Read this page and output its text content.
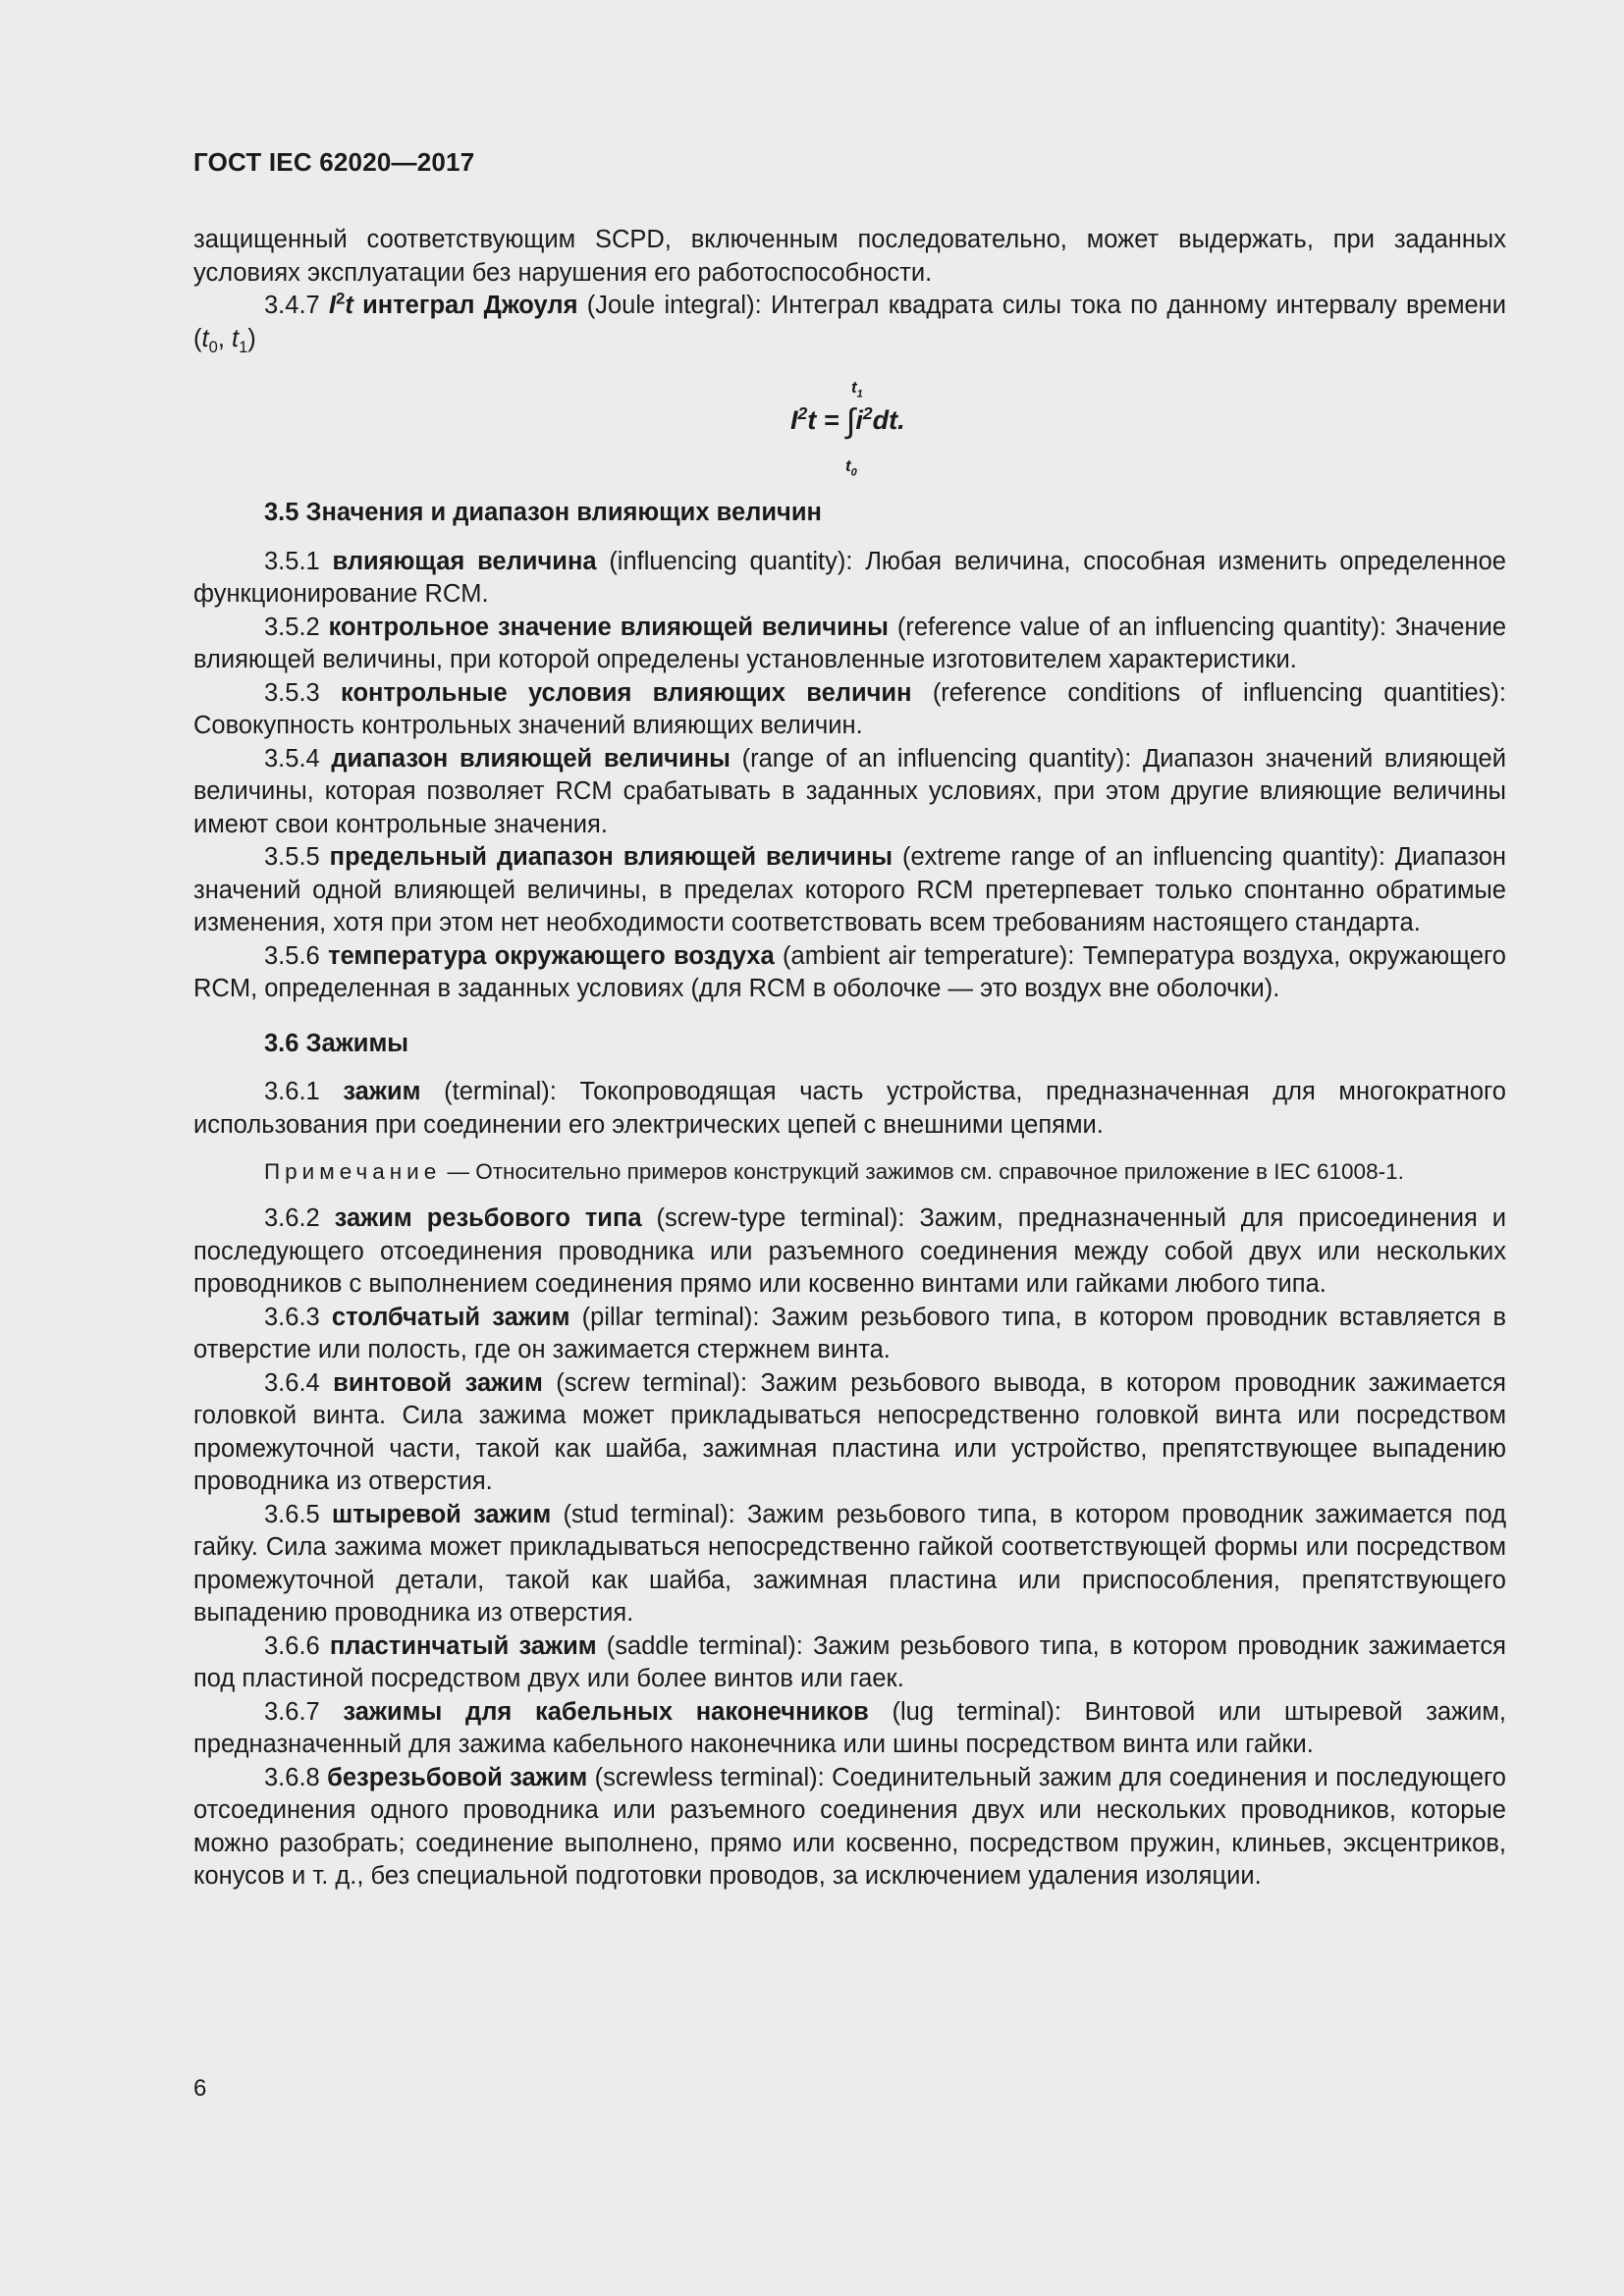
ГОСТ IEC 62020—2017

защищенный соответствующим SCPD, включенным последовательно, может выдержать, при заданных условиях эксплуатации без нарушения его работоспособности.

3.4.7 $I^2t$ интеграл Джоуля (Joule integral): Интеграл квадрата силы тока по данному интервалу времени ($t_0$, $t_1$)

$t_1$
$I^2t = \int i^2dt$.
$t_0$

3.5 Значения и диапазон влияющих величин

3.5.1 влияющая величина (influencing quantity): Любая величина, способная изменить определенное функционирование RCM.

3.5.2 контрольное значение влияющей величины (reference value of an influencing quantity): Значение влияющей величины, при которой определены установленные изготовителем характеристики.

3.5.3 контрольные условия влияющих величин (reference conditions of influencing quantities): Совокупность контрольных значений влияющих величин.

3.5.4 диапазон влияющей величины (range of an influencing quantity): Диапазон значений влияющей величины, которая позволяет RCM срабатывать в заданных условиях, при этом другие влияющие величины имеют свои контрольные значения.

3.5.5 предельный диапазон влияющей величины (extreme range of an influencing quantity): Диапазон значений одной влияющей величины, в пределах которого RCM претерпевает только спонтанно обратимые изменения, хотя при этом нет необходимости соответствовать всем требованиям настоящего стандарта.

3.5.6 температура окружающего воздуха (ambient air temperature): Температура воздуха, окружающего RCM, определенная в заданных условиях (для RCM в оболочке — это воздух вне оболочки).

3.6 Зажимы

3.6.1 зажим (terminal): Токопроводящая часть устройства, предназначенная для многократного использования при соединении его электрических цепей с внешними цепями.

Примечание — Относительно примеров конструкций зажимов см. справочное приложение в IEC 61008-1.

3.6.2 зажим резьбового типа (screw-type terminal): Зажим, предназначенный для присоединения и последующего отсоединения проводника или разъемного соединения между собой двух или нескольких проводников с выполнением соединения прямо или косвенно винтами или гайками любого типа.

3.6.3 столбчатый зажим (pillar terminal): Зажим резьбового типа, в котором проводник вставляется в отверстие или полость, где он зажимается стержнем винта.

3.6.4 винтовой зажим (screw terminal): Зажим резьбового вывода, в котором проводник зажимается головкой винта. Сила зажима может прикладываться непосредственно головкой винта или посредством промежуточной части, такой как шайба, зажимная пластина или устройство, препятствующее выпадению проводника из отверстия.

3.6.5 штыревой зажим (stud terminal): Зажим резьбового типа, в котором проводник зажимается под гайку. Сила зажима может прикладываться непосредственно гайкой соответствующей формы или посредством промежуточной детали, такой как шайба, зажимная пластина или приспособления, препятствующего выпадению проводника из отверстия.

3.6.6 пластинчатый зажим (saddle terminal): Зажим резьбового типа, в котором проводник зажимается под пластиной посредством двух или более винтов или гаек.

3.6.7 зажимы для кабельных наконечников (lug terminal): Винтовой или штыревой зажим, предназначенный для зажима кабельного наконечника или шины посредством винта или гайки.

3.6.8 безрезьбовой зажим (screwless terminal): Соединительный зажим для соединения и последующего отсоединения одного проводника или разъемного соединения двух или нескольких проводников, которые можно разобрать; соединение выполнено, прямо или косвенно, посредством пружин, клиньев, эксцентриков, конусов и т. д., без специальной подготовки проводов, за исключением удаления изоляции.

6
